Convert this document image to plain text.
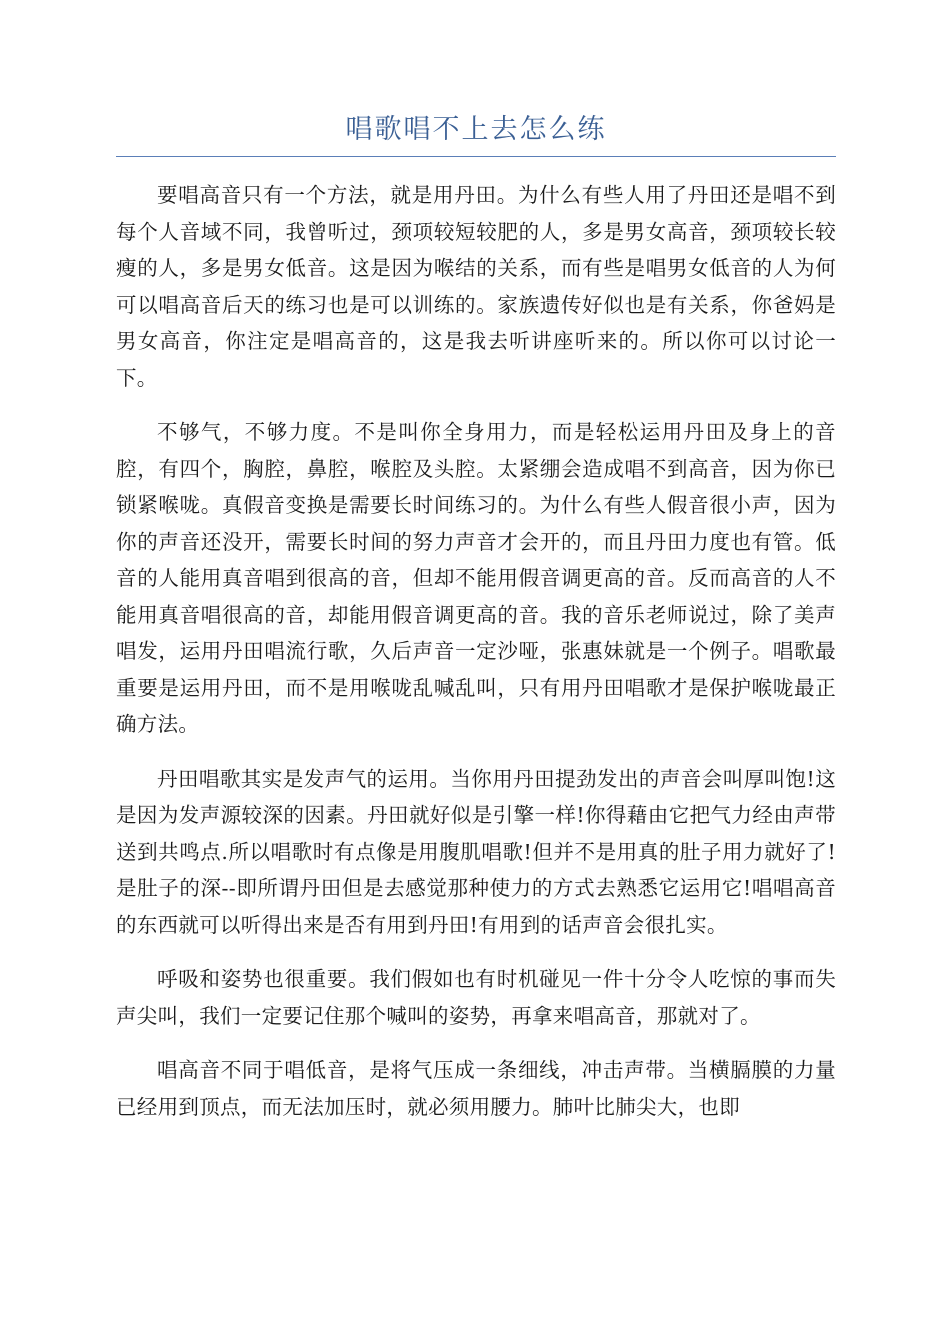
唱歌唱不上去怎么练

要唱高音只有一个方法，就是用丹田。为什么有些人用了丹田还是唱不到每个人音域不同，我曾听过，颈项较短较肥的人，多是男女高音，颈项较长较瘦的人，多是男女低音。这是因为喉结的关系，而有些是唱男女低音的人为何可以唱高音后天的练习也是可以训练的。家族遗传好似也是有关系，你爸妈是男女高音，你注定是唱高音的，这是我去听讲座听来的。所以你可以讨论一下。

不够气，不够力度。不是叫你全身用力，而是轻松运用丹田及身上的音腔，有四个，胸腔，鼻腔，喉腔及头腔。太紧绷会造成唱不到高音，因为你已锁紧喉咙。真假音变换是需要长时间练习的。为什么有些人假音很小声，因为你的声音还没开，需要长时间的努力声音才会开的，而且丹田力度也有管。低音的人能用真音唱到很高的音，但却不能用假音调更高的音。反而高音的人不能用真音唱很高的音，却能用假音调更高的音。我的音乐老师说过，除了美声唱发，运用丹田唱流行歌，久后声音一定沙哑，张惠妹就是一个例子。唱歌最重要是运用丹田，而不是用喉咙乱喊乱叫，只有用丹田唱歌才是保护喉咙最正确方法。

丹田唱歌其实是发声气的运用。当你用丹田提劲发出的声音会叫厚叫饱!这是因为发声源较深的因素。丹田就好似是引擎一样!你得藉由它把气力经由声带送到共鸣点.所以唱歌时有点像是用腹肌唱歌!但并不是用真的肚子用力就好了!是肚子的深--即所谓丹田但是去感觉那种使力的方式去熟悉它运用它!唱唱高音的东西就可以听得出来是否有用到丹田!有用到的话声音会很扎实。

呼吸和姿势也很重要。我们假如也有时机碰见一件十分令人吃惊的事而失声尖叫，我们一定要记住那个喊叫的姿势，再拿来唱高音，那就对了。

唱高音不同于唱低音，是将气压成一条细线，冲击声带。当横膈膜的力量已经用到顶点，而无法加压时，就必须用腰力。肺叶比肺尖大，也即
